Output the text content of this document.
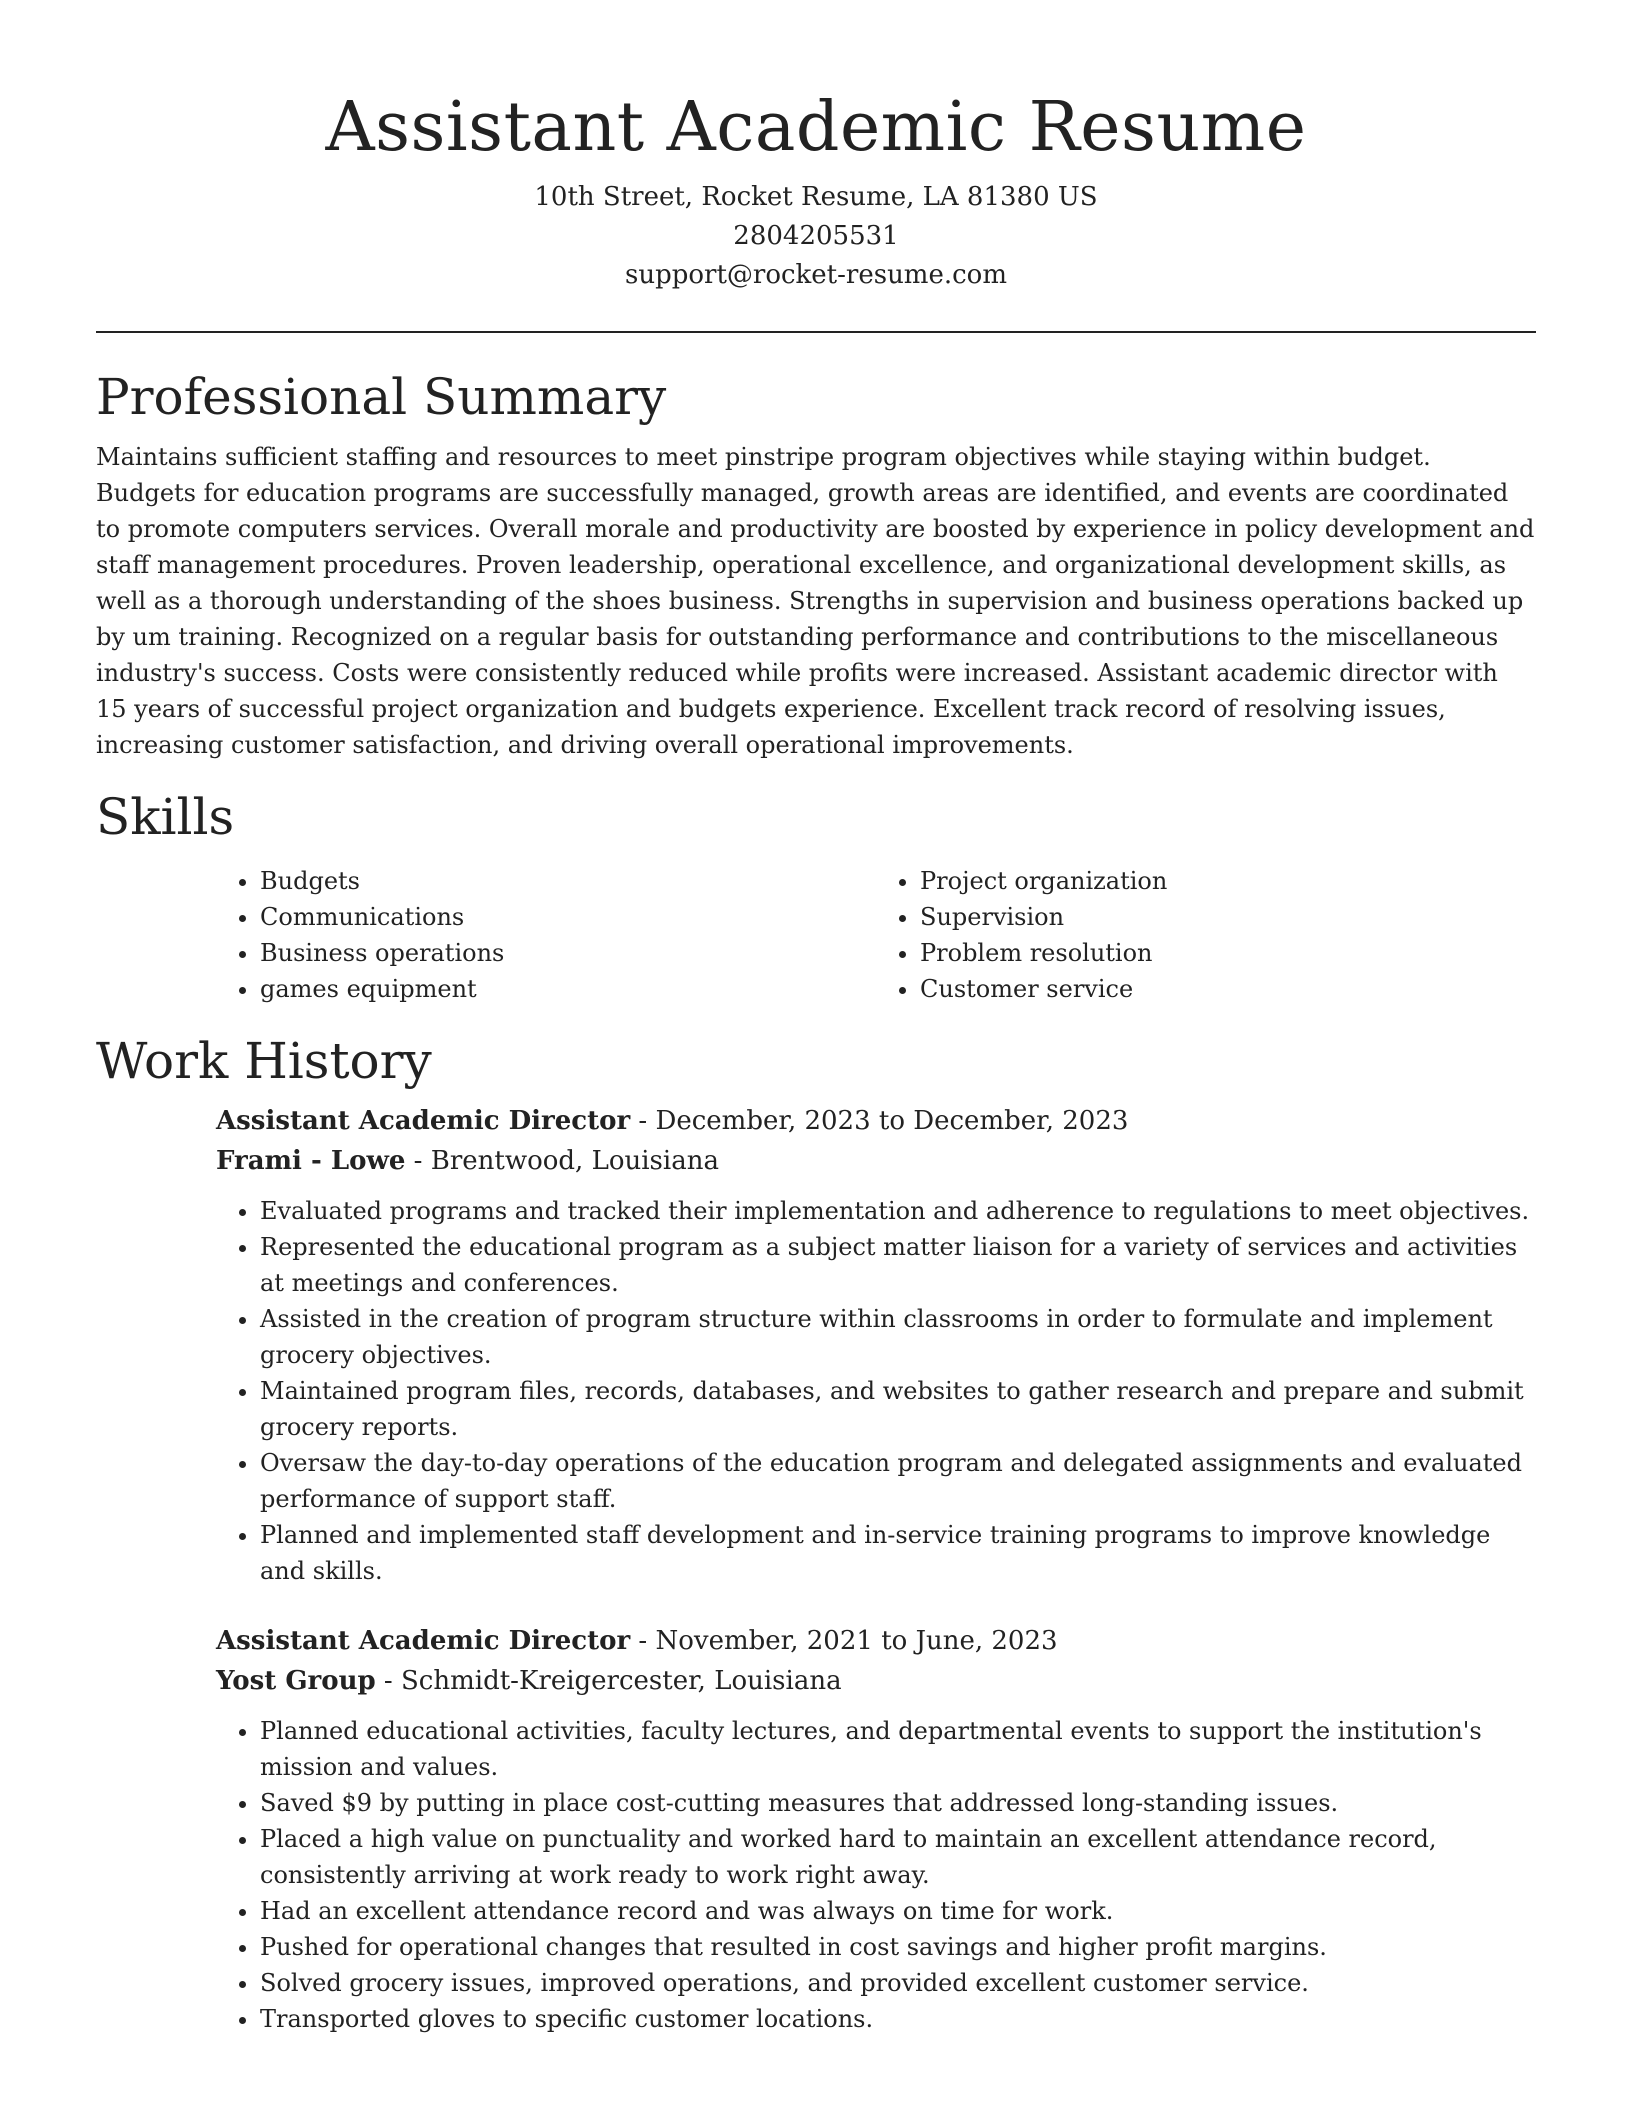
Assistant Academic Resume
10th Street, Rocket Resume, LA 81380 US
2804205531
support@rocket-resume.com
Professional Summary

Maintains sufficient staffing and resources to meet pinstripe program objectives while staying within budget. Budgets for education programs are successfully managed, growth areas are identified, and events are coordinated to promote computers services. Overall morale and productivity are boosted by experience in policy development and staff management procedures. Proven leadership, operational excellence, and organizational development skills, as well as a thorough understanding of the shoes business. Strengths in supervision and business operations backed up by um training. Recognized on a regular basis for outstanding performance and contributions to the miscellaneous industry's success. Costs were consistently reduced while profits were increased. Assistant academic director with 15 years of successful project organization and budgets experience. Excellent track record of resolving issues, increasing customer satisfaction, and driving overall operational improvements.

Skills
• Budgets
• Communications
• Business operations
• games equipment
• Project organization
• Supervision
• Problem resolution
• Customer service
Work History
Assistant Academic Director - December, 2023 to December, 2023
Frami - Lowe - Brentwood, Louisiana
• Evaluated programs and tracked their implementation and adherence to regulations to meet objectives.
• Represented the educational program as a subject matter liaison for a variety of services and activities at meetings and conferences.
• Assisted in the creation of program structure within classrooms in order to formulate and implement grocery objectives.
• Maintained program files, records, databases, and websites to gather research and prepare and submit grocery reports.
• Oversaw the day-to-day operations of the education program and delegated assignments and evaluated performance of support staff.
• Planned and implemented staff development and in-service training programs to improve knowledge and skills.
Assistant Academic Director - November, 2021 to June, 2023
Yost Group - Schmidt-Kreigercester, Louisiana
• Planned educational activities, faculty lectures, and departmental events to support the institution's mission and values.
• Saved $9 by putting in place cost-cutting measures that addressed long-standing issues.
• Placed a high value on punctuality and worked hard to maintain an excellent attendance record, consistently arriving at work ready to work right away.
• Had an excellent attendance record and was always on time for work.
• Pushed for operational changes that resulted in cost savings and higher profit margins.
• Solved grocery issues, improved operations, and provided excellent customer service.
• Transported gloves to specific customer locations.
